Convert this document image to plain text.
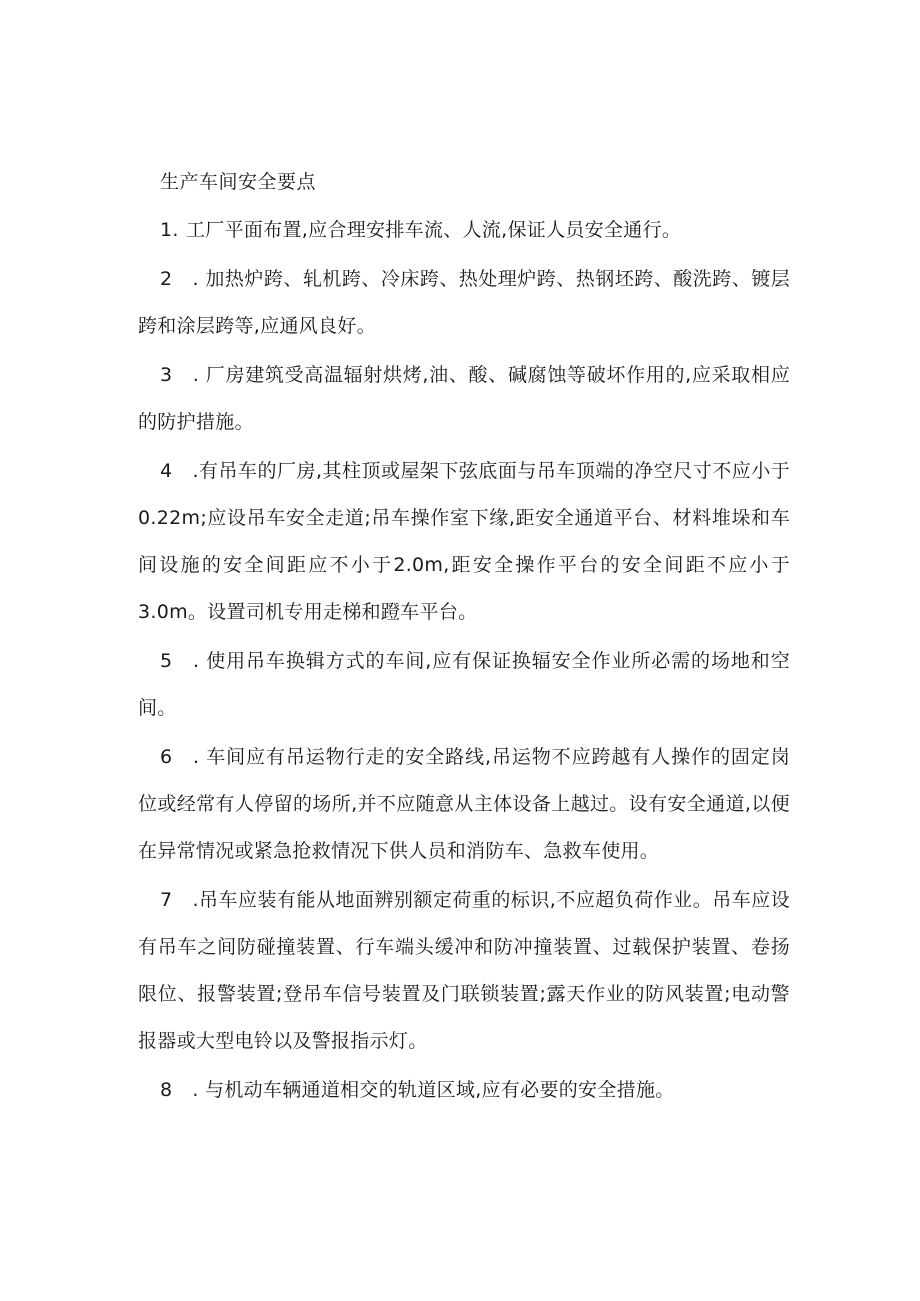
生产车间安全要点

1. 工厂平面布置,应合理安排车流、人流,保证人员安全通行。

2 . 加热炉跨、轧机跨、冷床跨、热处理炉跨、热钢坯跨、酸洗跨、镀层跨和涂层跨等,应通风良好。

3 . 厂房建筑受高温辐射烘烤,油、酸、碱腐蚀等破坏作用的,应采取相应的防护措施。

4 .有吊车的厂房,其柱顶或屋架下弦底面与吊车顶端的净空尺寸不应小于0.22m;应设吊车安全走道;吊车操作室下缘,距安全通道平台、材料堆垛和车间设施的安全间距应不小于2.0m,距安全操作平台的安全间距不应小于3.0m。设置司机专用走梯和蹬车平台。

5 . 使用吊车换辑方式的车间,应有保证换辐安全作业所必需的场地和空间。

6 . 车间应有吊运物行走的安全路线,吊运物不应跨越有人操作的固定岗位或经常有人停留的场所,并不应随意从主体设备上越过。设有安全通道,以便在异常情况或紧急抢救情况下供人员和消防车、急救车使用。

7 .吊车应装有能从地面辨别额定荷重的标识,不应超负荷作业。吊车应设有吊车之间防碰撞装置、行车端头缓冲和防冲撞装置、过载保护装置、卷扬限位、报警装置;登吊车信号装置及门联锁装置;露天作业的防风装置;电动警报器或大型电铃以及警报指示灯。

8 . 与机动车辆通道相交的轨道区域,应有必要的安全措施。
